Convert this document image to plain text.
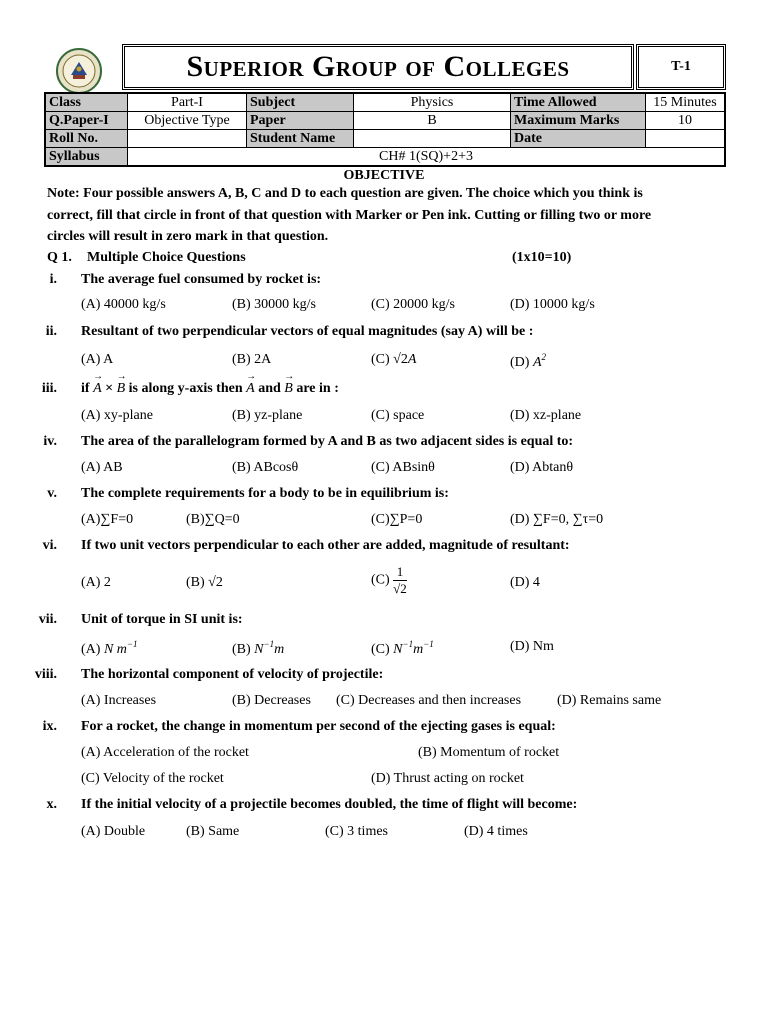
Superior Group of Colleges	T-1
Class	Part-I	Subject	Physics	Time Allowed	15 Minutes
Q.Paper-I	Objective Type	Paper	B	Maximum Marks	10
Roll No.		Student Name		Date	
Syllabus	CH# 1(SQ)+2+3				
OBJECTIVE
Note: Four possible answers A, B, C and D to each question are given. The choice which you think is correct, fill that circle in front of that question with Marker or Pen ink. Cutting or filling two or more circles will result in zero mark in that question.
Q 1. Multiple Choice Questions	(1x10=10)
i. The average fuel consumed by rocket is:
(A) 40000 kg/s	(B) 30000 kg/s	(C) 20000 kg/s	(D) 10000 kg/s
ii. Resultant of two perpendicular vectors of equal magnitudes (say A) will be :
(A) A	(B) 2A	(C) √2A	(D) $A^2$
iii. if → A × → B is along y-axis then → A and → B are in :
(A) xy-plane	(B) yz-plane	(C) space	(D) xz-plane
iv. The area of the parallelogram formed by A and B as two adjacent sides is equal to:
(A) AB	(B) ABcosθ	(C) ABsinθ	(D) Abtanθ
v. The complete requirements for a body to be in equilibrium is:
(A)∑F=0	(B)∑Q=0	(C)∑P=0	(D) ∑F=0, ∑τ=0
vi. If two unit vectors perpendicular to each other are added, magnitude of resultant:
(A) 2	(B) √2	$(C) \frac{1}{√2}$	(D) 4
vii. Unit of torque in SI unit is:
(A) N $m^{-1}$	(B) $N^{-1}m$	(C) $N^{-1}m^{-1}$	(D) Nm
viii. The horizontal component of velocity of projectile:
(A) Increases	(B) Decreases (C) Decreases and then increases	(D) Remains same
ix. For a rocket, the change in momentum per second of the ejecting gases is equal:
(A) Acceleration of the rocket	(B) Momentum of rocket
(C) Velocity of the rocket	(D) Thrust acting on rocket
x. If the initial velocity of a projectile becomes doubled, the time of flight will become:
(A) Double	(B) Same	(C) 3 times	(D) 4 times
